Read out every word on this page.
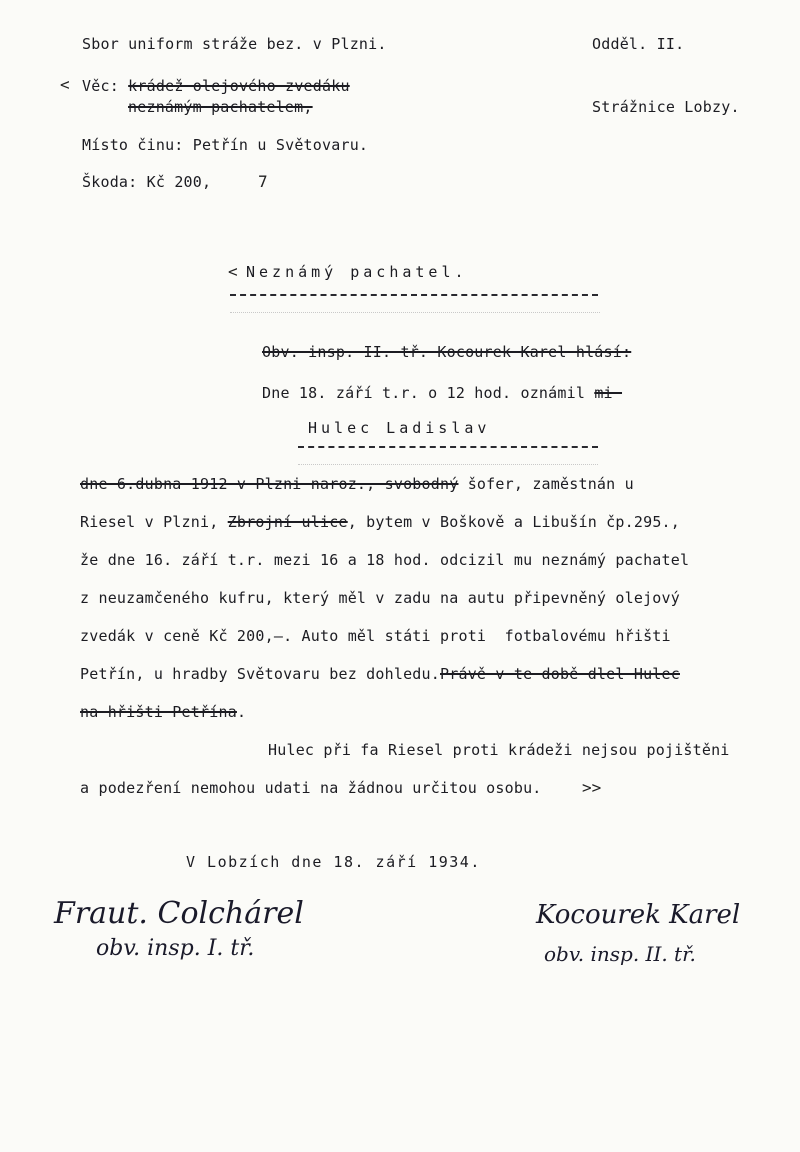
Sbor uniform stráže bez. v Plzni.	Odděl. II.
< Věc: krádež olejového zvedáku
neznámým pachatelem,	Strážnice Lobzy.
Místo činu: Petřín u Světovaru.
Škoda: Kč 200,	7
< Neznámý pachatel.
Obv. insp. II. tř. Kocourek Karel hlásí:
Dne 18. září t.r. o 12 hod. oznámil mi
Hulec Ladislav
dne 6.dubna 1912 v Plzni naroz., svobodný šofer, zaměstnán u
Riesel v Plzni, Zbrojní ulice, bytem v Boškově a Libušín čp.295.,
že dne 16. září t.r. mezi 16 a 18 hod. odcizil mu neznámý pachatel
z neuzamčeného kufru, který měl v zadu na autu připevněný olejový
zvedák v ceně Kč 200,—. Auto měl státi proti  fotbalovému hřišti
Petřín, u hradby Světovaru bez dohledu.Právě v te době dlel Hulec
na hřišti Petřína.
Hulec při fa Riesel proti krádeži nejsou pojištěni
a podezření nemohou udati na žádnou určitou osobu.	>>
V Lobzích dne 18. září 1934.
Fraut. Colchárel
obv. insp. I. tř.
Kocourek Karel
obv. insp. II. tř.
